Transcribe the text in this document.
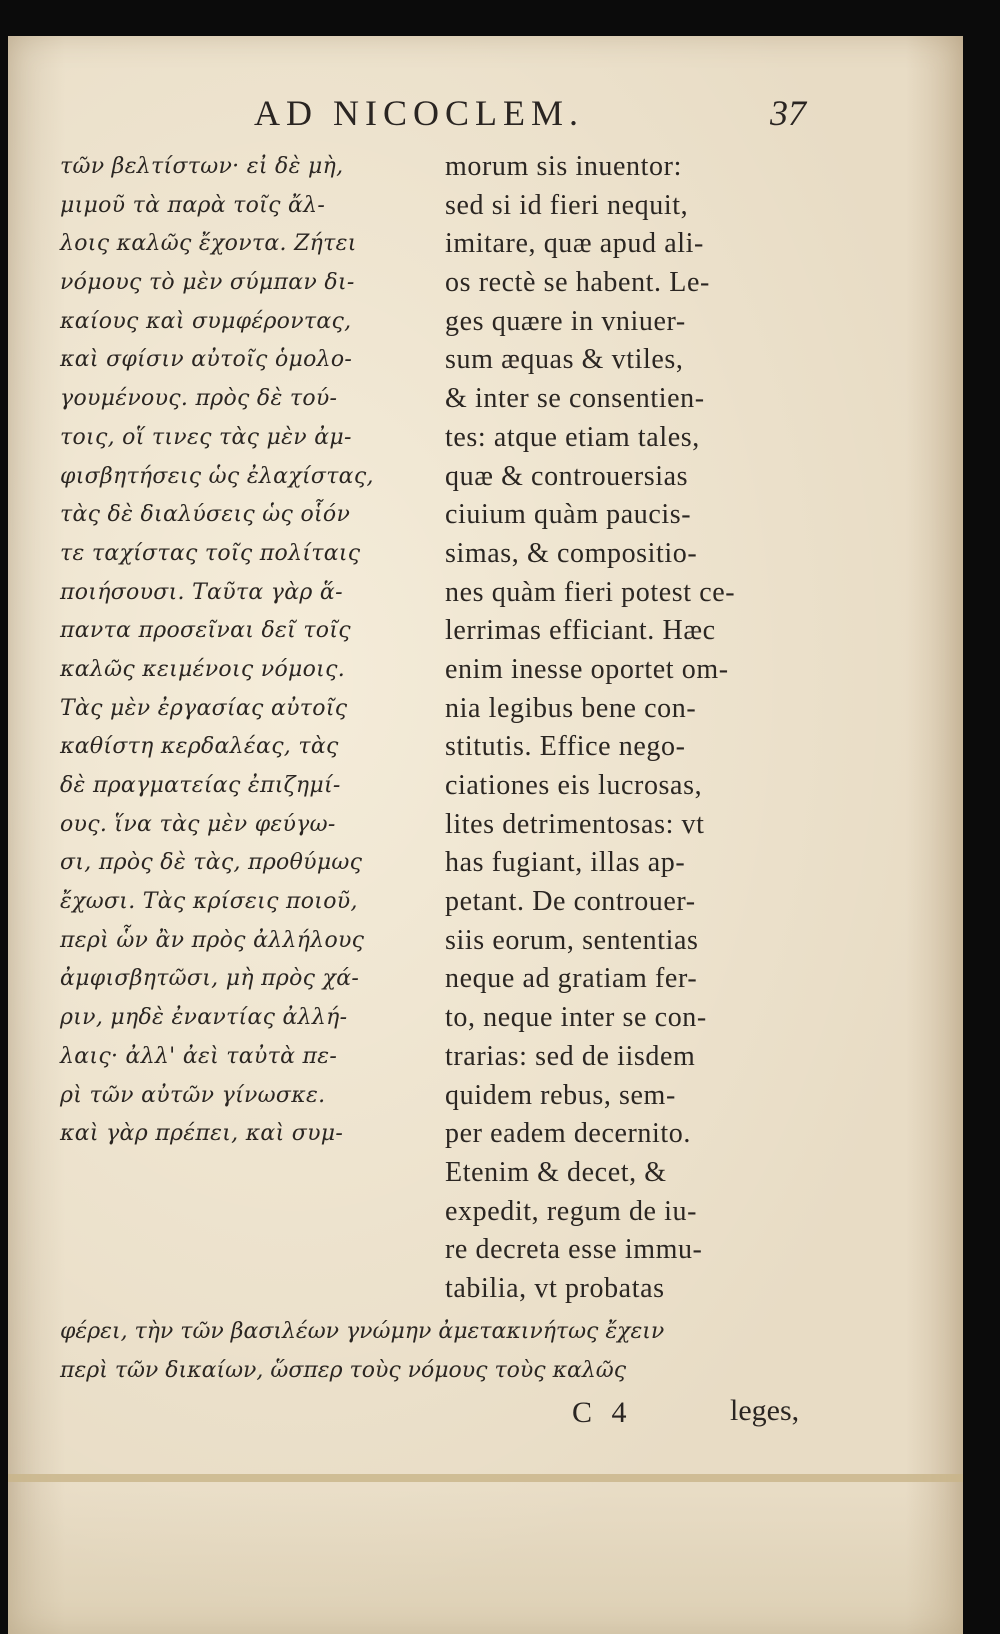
AD NICOCLEM.	37
τῶν βελτίστων· εἰ δὲ μὴ,
μιμοῦ τὰ παρὰ τοῖς ἄλ-
λοις καλῶς ἔχοντα. Ζήτει
νόμους τὸ μὲν σύμπαν δι-
καίους καὶ συμφέροντας,
καὶ σφίσιν αὐτοῖς ὁμολο-
γουμένους. πρὸς δὲ τού-
τοις, οἵ τινες τὰς μὲν ἀμ-
φισβητήσεις ὡς ἐλαχίστας,
τὰς δὲ διαλύσεις ὡς οἷόν
τε ταχίστας τοῖς πολίταις
ποιήσουσι. Ταῦτα γὰρ ἅ-
παντα προσεῖναι δεῖ τοῖς
καλῶς κειμένοις νόμοις.
Τὰς μὲν ἐργασίας αὐτοῖς
καθίστη κερδαλέας, τὰς
δὲ πραγματείας ἐπιζημί-
ους. ἵνα τὰς μὲν φεύγω-
σι, πρὸς δὲ τὰς, προθύμως
ἔχωσι. Τὰς κρίσεις ποιοῦ,
περὶ ὧν ἂν πρὸς ἀλλήλους
ἀμφισβητῶσι, μὴ πρὸς χά-
ριν, μηδὲ ἐναντίας ἀλλή-
λαις· ἀλλ' ἀεὶ ταὐτὰ πε-
ρὶ τῶν αὐτῶν γίνωσκε.
καὶ γὰρ πρέπει, καὶ συμ-
morum sis inuentor:
sed si id fieri nequit,
imitare, quæ apud ali-
os rectè se habent. Le-
ges quære in vniuer-
sum æquas & vtiles,
& inter se consentien-
tes: atque etiam tales,
quæ & controuersias
ciuium quàm paucis-
simas, & compositio-
nes quàm fieri potest ce-
lerrimas efficiant. Hæc
enim inesse oportet om-
nia legibus bene con-
stitutis. Effice nego-
ciationes eis lucrosas,
lites detrimentosas: vt
has fugiant, illas ap-
petant. De controuer-
siis eorum, sententias
neque ad gratiam fer-
to, neque inter se con-
trarias: sed de iisdem
quidem rebus, sem-
per eadem decernito.
Etenim & decet, &
expedit, regum de iu-
re decreta esse immu-
tabilia, vt probatas
φέρει, τὴν τῶν βασιλέων γνώμην ἀμετακινήτως ἔχειν
περὶ τῶν δικαίων, ὥσπερ τοὺς νόμους τοὺς καλῶς
C 4	leges,
